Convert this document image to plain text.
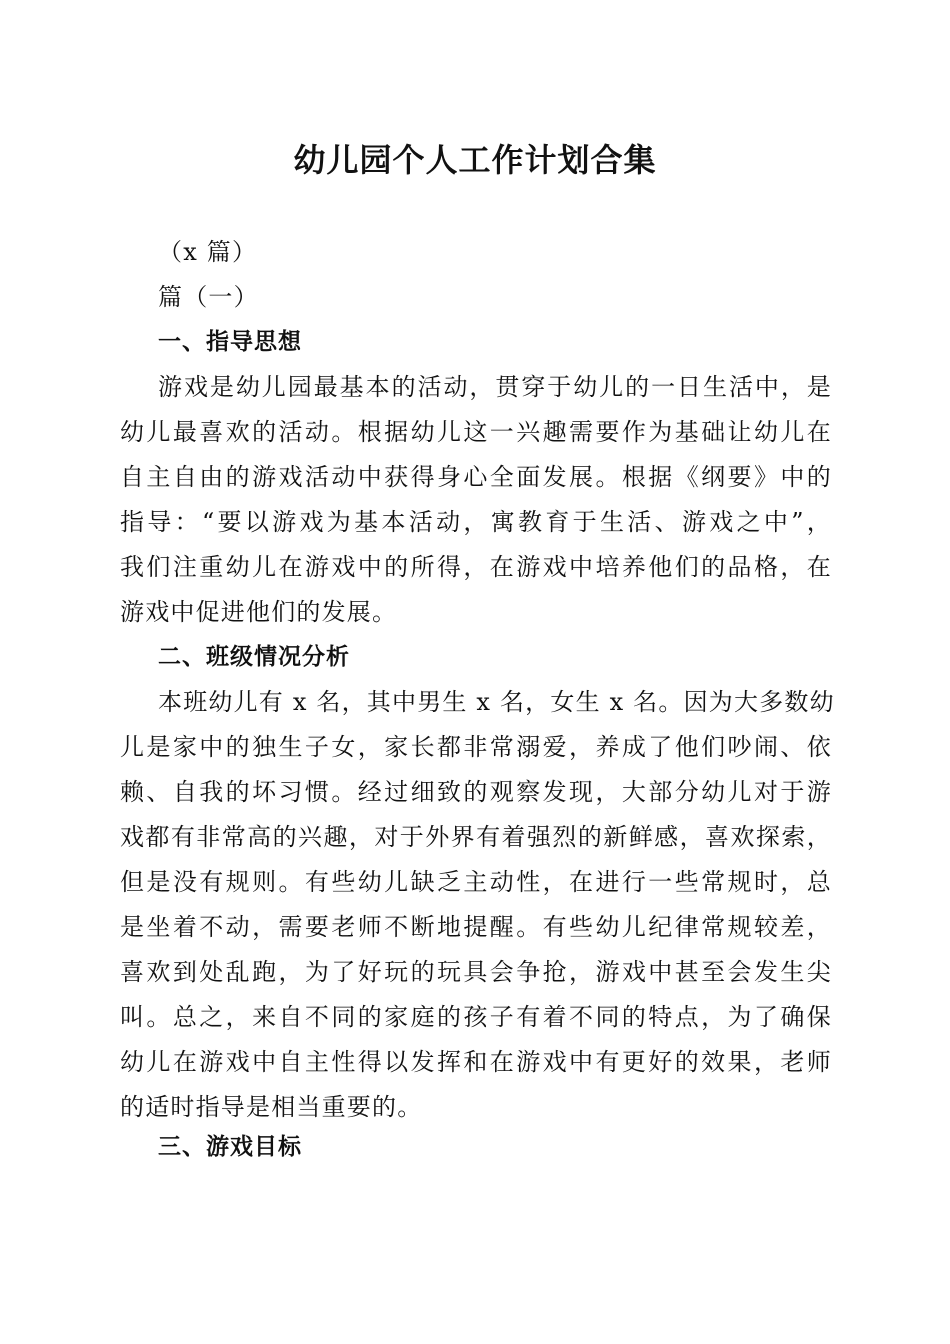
幼儿园个人工作计划合集
（x 篇）
篇（一）
一、指导思想
游戏是幼儿园最基本的活动，贯穿于幼儿的一日生活中，是
幼儿最喜欢的活动。根据幼儿这一兴趣需要作为基础让幼儿在
自主自由的游戏活动中获得身心全面发展。根据《纲要》中的
指导：“要以游戏为基本活动，寓教育于生活、游戏之中”，
我们注重幼儿在游戏中的所得，在游戏中培养他们的品格，在
游戏中促进他们的发展。
二、班级情况分析
本班幼儿有 x 名，其中男生 x 名，女生 x 名。因为大多数幼
儿是家中的独生子女，家长都非常溺爱，养成了他们吵闹、依
赖、自我的坏习惯。经过细致的观察发现，大部分幼儿对于游
戏都有非常高的兴趣，对于外界有着强烈的新鲜感，喜欢探索，
但是没有规则。有些幼儿缺乏主动性，在进行一些常规时，总
是坐着不动，需要老师不断地提醒。有些幼儿纪律常规较差，
喜欢到处乱跑，为了好玩的玩具会争抢，游戏中甚至会发生尖
叫。总之，来自不同的家庭的孩子有着不同的特点，为了确保
幼儿在游戏中自主性得以发挥和在游戏中有更好的效果，老师
的适时指导是相当重要的。
三、游戏目标
